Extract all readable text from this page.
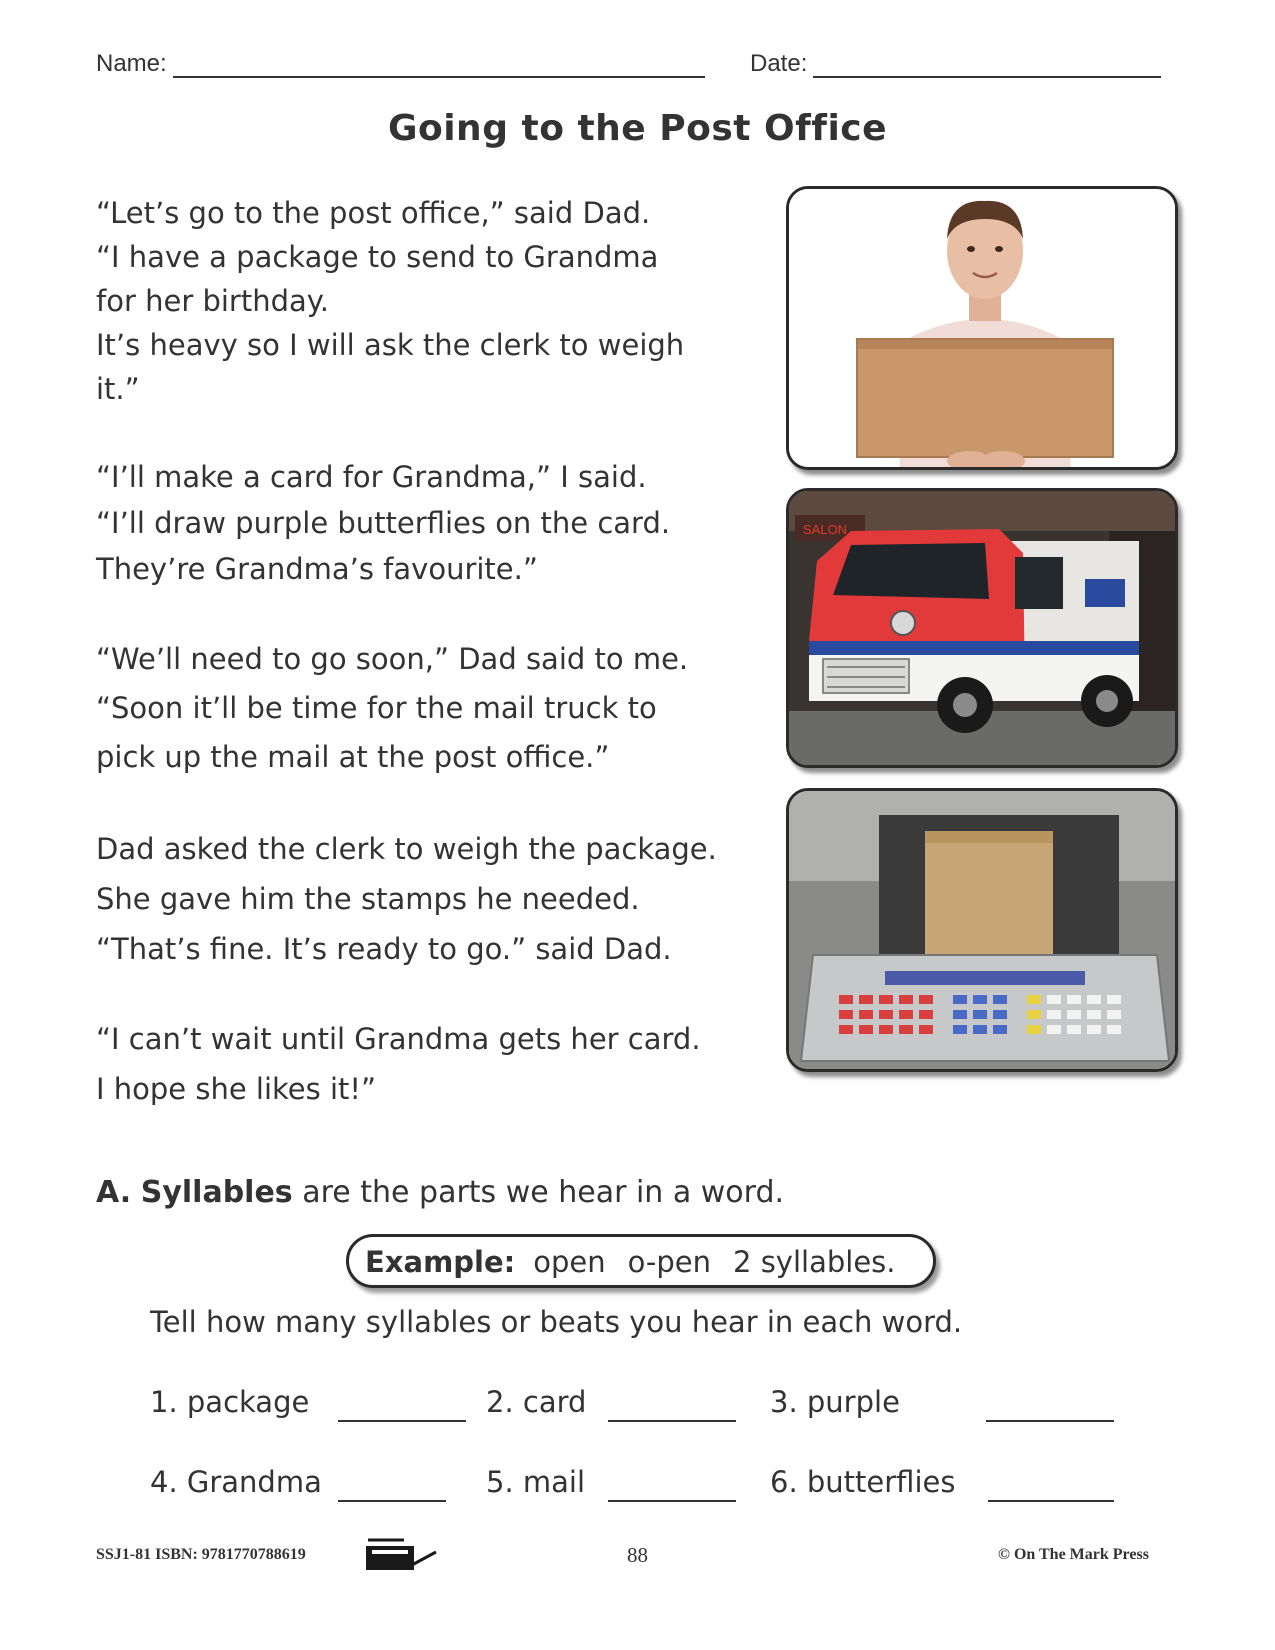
Name:	Date:
Going to the Post Office
“Let’s go to the post office,” said Dad.
“I have a package to send to Grandma
for her birthday.
It’s heavy so I will ask the clerk to weigh
it.”
“I’ll make a card for Grandma,” I said.
“I’ll draw purple butterflies on the card.
They’re Grandma’s favourite.”
“We’ll need to go soon,” Dad said to me.
“Soon it’ll be time for the mail truck to
pick up the mail at the post office.”
Dad asked the clerk to weigh the package.
She gave him the stamps he needed.
“That’s fine. It’s ready to go.” said Dad.
“I can’t wait until Grandma gets her card.
I hope she likes it!”
SALON
A. Syllables are the parts we hear in a word.
Example: open o-pen 2 syllables.
Tell how many syllables or beats you hear in each word.
1. package	2. card	3. purple
4. Grandma	5. mail	6. butterflies
SSJ1-81 ISBN: 9781770788619	88	© On The Mark Press
